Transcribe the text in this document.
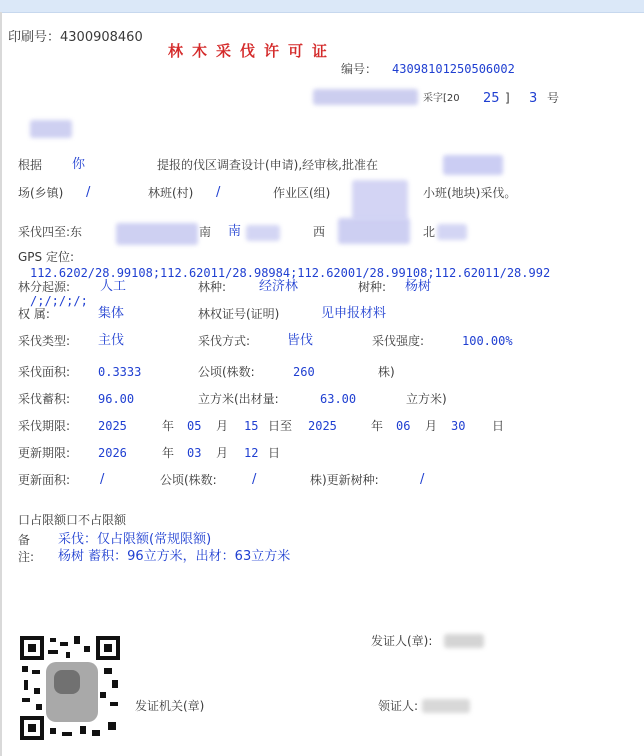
印刷号：4300908460
林木采伐许可证
编号： 43098101250506002
采字[20 25 ] 3 号
根据 你	提报的伐区调查设计(申请),经审核,批准在
场(乡镇) /	林班(村) /	作业区(组)	小班(地块)采伐。
采伐四至:东	南 南	西	北
GPS 定位:
112.6202/28.99108;112.62011/28.98984;112.62001/28.99108;112.62011/28.992
/;/;/;/;
林分起源: 人工	林种:	经济林	树种: 杨树
权 属:	集体	林权证号(证明)	见申报材料
采伐类型: 主伐	采伐方式:	皆伐	采伐强度:	100.00%
采伐面积: 0.3333	公顷(株数:	260	株)
采伐蓄积: 96.00	立方米(出材量:	63.00	立方米)
采伐期限: 2025	年 05 月 15 日至 2025	年 06 月 30 日
更新期限: 2026	年 03 月 12 日
更新面积: /	公顷(株数:	/	株)更新树种:	/
口占限额口不占限额
备
注:
采伐：仅占限额(常规限额)
杨树 蓄积：96立方米，出材：63立方米
发证人(章):
发证机关(章)	领证人:
